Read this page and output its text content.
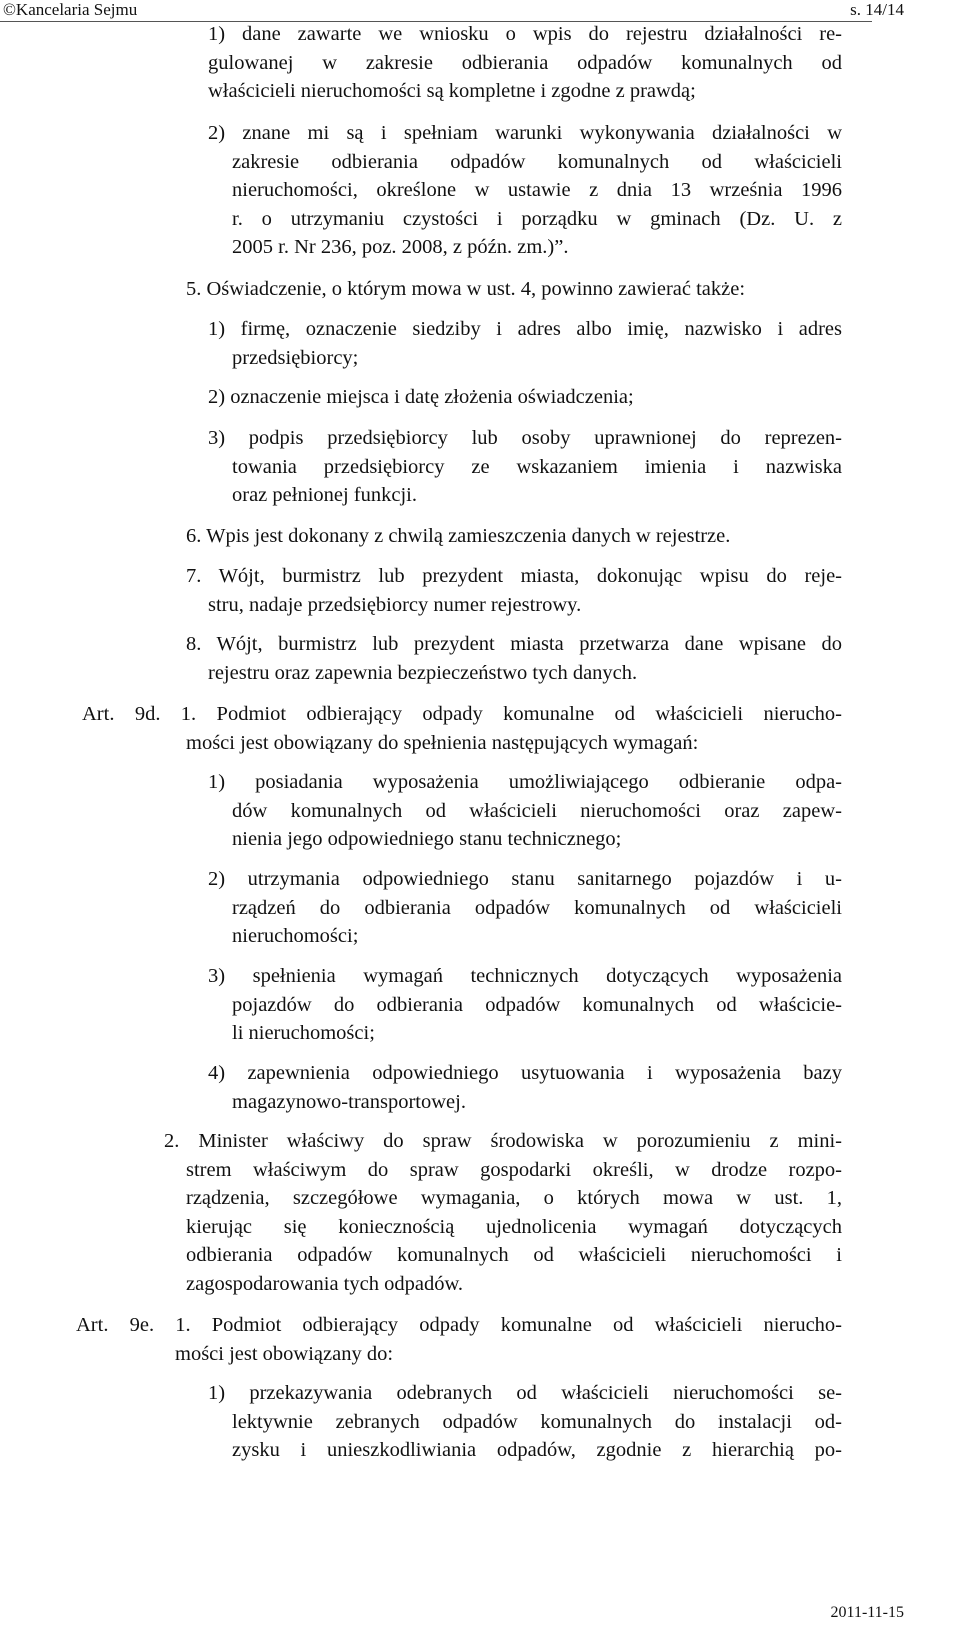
©Kancelaria Sejmu	s. 14/14
1) dane zawarte we wniosku o wpis do rejestru działalności re-
gulowanej w zakresie odbierania odpadów komunalnych od
właścicieli nieruchomości są kompletne i zgodne z prawdą;
2) znane mi są i spełniam warunki wykonywania działalności w
zakresie odbierania odpadów komunalnych od właścicieli
nieruchomości, określone w ustawie z dnia 13 września 1996
r. o utrzymaniu czystości i porządku w gminach (Dz. U. z
2005 r. Nr 236, poz. 2008, z późn. zm.)”.
5. Oświadczenie, o którym mowa w ust. 4, powinno zawierać także:
1) firmę, oznaczenie siedziby i adres albo imię, nazwisko i adres
przedsiębiorcy;
2) oznaczenie miejsca i datę złożenia oświadczenia;
3) podpis przedsiębiorcy lub osoby uprawnionej do reprezen-
towania przedsiębiorcy ze wskazaniem imienia i nazwiska
oraz pełnionej funkcji.
6. Wpis jest dokonany z chwilą zamieszczenia danych w rejestrze.
7. Wójt, burmistrz lub prezydent miasta, dokonując wpisu do reje-
stru, nadaje przedsiębiorcy numer rejestrowy.
8. Wójt, burmistrz lub prezydent miasta przetwarza dane wpisane do
rejestru oraz zapewnia bezpieczeństwo tych danych.
Art. 9d. 1. Podmiot odbierający odpady komunalne od właścicieli nierucho-
mości jest obowiązany do spełnienia następujących wymagań:
1) posiadania wyposażenia umożliwiającego odbieranie odpa-
dów komunalnych od właścicieli nieruchomości oraz zapew-
nienia jego odpowiedniego stanu technicznego;
2) utrzymania odpowiedniego stanu sanitarnego pojazdów i u-
rządzeń do odbierania odpadów komunalnych od właścicieli
nieruchomości;
3) spełnienia wymagań technicznych dotyczących wyposażenia
pojazdów do odbierania odpadów komunalnych od właścicie-
li nieruchomości;
4) zapewnienia odpowiedniego usytuowania i wyposażenia bazy
magazynowo-transportowej.
2. Minister właściwy do spraw środowiska w porozumieniu z mini-
strem właściwym do spraw gospodarki określi, w drodze rozpo-
rządzenia, szczegółowe wymagania, o których mowa w ust. 1,
kierując się koniecznością ujednolicenia wymagań dotyczących
odbierania odpadów komunalnych od właścicieli nieruchomości i
zagospodarowania tych odpadów.
Art. 9e. 1. Podmiot odbierający odpady komunalne od właścicieli nierucho-
mości jest obowiązany do:
1) przekazywania odebranych od właścicieli nieruchomości se-
lektywnie zebranych odpadów komunalnych do instalacji od-
zysku i unieszkodliwiania odpadów, zgodnie z hierarchią po-
2011-11-15
